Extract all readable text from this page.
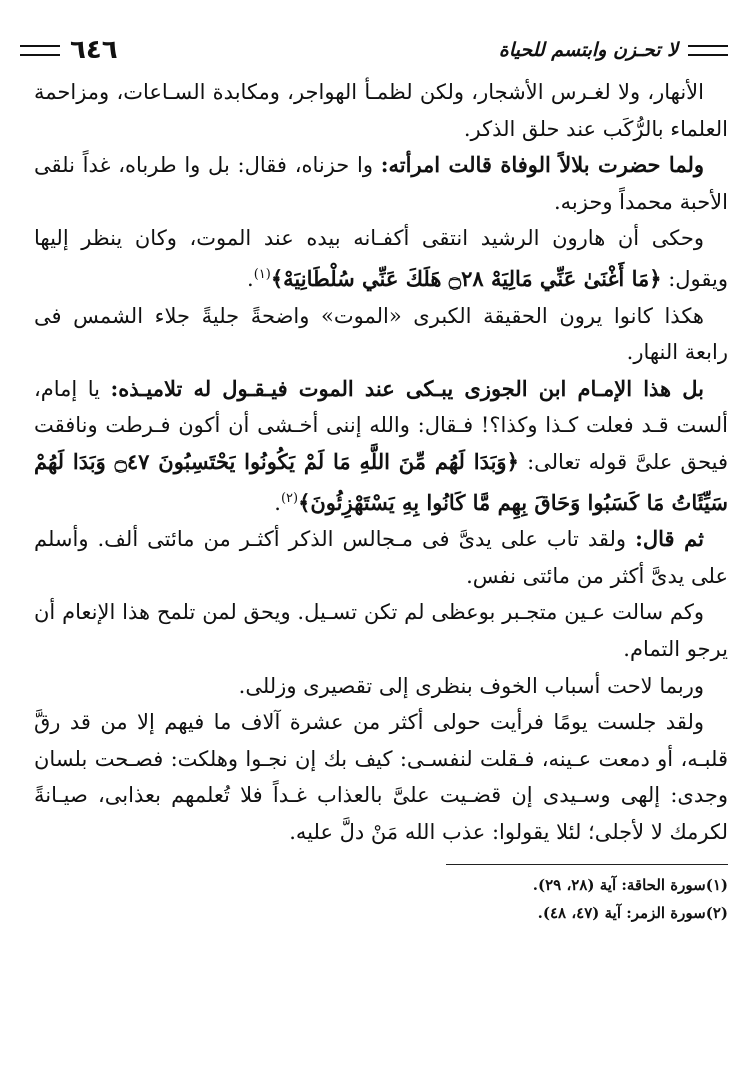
٦٤٦	لا تحـزن وابتسم للحياة

الأنهار، ولا لغـرس الأشجار، ولكن لظمـأ الهواجر، ومكابدة السـاعات، ومزاحمة العلماء بالرُّكَب عند حلق الذكر.

ولما حضرت بلالاً الوفاة قالت امرأته: وا حزناه، فقال: بل وا طرباه، غداً نلقى الأحبة محمداً وحزبه.

وحكى أن هارون الرشيد انتقى أكفـانه بيده عند الموت، وكان ينظر إليها ويقول: ﴿مَا أَغْنَىٰ عَنِّي مَالِيَهْ ۝٢٨ هَلَكَ عَنِّي سُلْطَانِيَهْ﴾$^{(١)}$.

هكذا كانوا يرون الحقيقة الكبرى «الموت» واضحةً جليةً جلاء الشمس فى رابعة النهار.

بل هذا الإمـام ابن الجوزى يبـكى عند الموت فيـقـول له تلاميـذه: يا إمام، ألست قـد فعلت كـذا وكذا؟! فـقال: والله إننى أخـشى أن أكون فـرطت ونافقت فيحق علىَّ قوله تعالى: ﴿وَبَدَا لَهُم مِّنَ اللَّهِ مَا لَمْ يَكُونُوا يَحْتَسِبُونَ ۝٤٧ وَبَدَا لَهُمْ سَيِّئَاتُ مَا كَسَبُوا وَحَاقَ بِهِم مَّا كَانُوا بِهِ يَسْتَهْزِئُونَ﴾$^{(٢)}$.

ثم قال: ولقد تاب على يدىَّ فى مـجالس الذكر أكثـر من مائتى ألف. وأسلم على يدىَّ أكثر من مائتى نفس.

وكم سالت عـين متجـبر بوعظى لم تكن تسـيل. ويحق لمن تلمح هذا الإنعام أن يرجو التمام.

وربما لاحت أسباب الخوف بنظرى إلى تقصيرى وزللى.

ولقد جلست يومًا فرأيت حولى أكثر من عشرة آلاف ما فيهم إلا من قد رقَّ قلبـه، أو دمعت عـينه، فـقلت لنفسـى: كيف بك إن نجـوا وهلكت: فصـحت بلسان وجدى: إلهى وسـيدى إن قضـيت علىَّ بالعذاب غـداً فلا تُعلمهم بعذابى، صيـانةً لكرمك لا لأجلى؛ لئلا يقولوا: عذب الله مَنْ دلَّ عليه.

(١)سورة الحاقة: آية (٢٨، ٢٩).

(٢)سورة الزمر: آية (٤٧، ٤٨).
